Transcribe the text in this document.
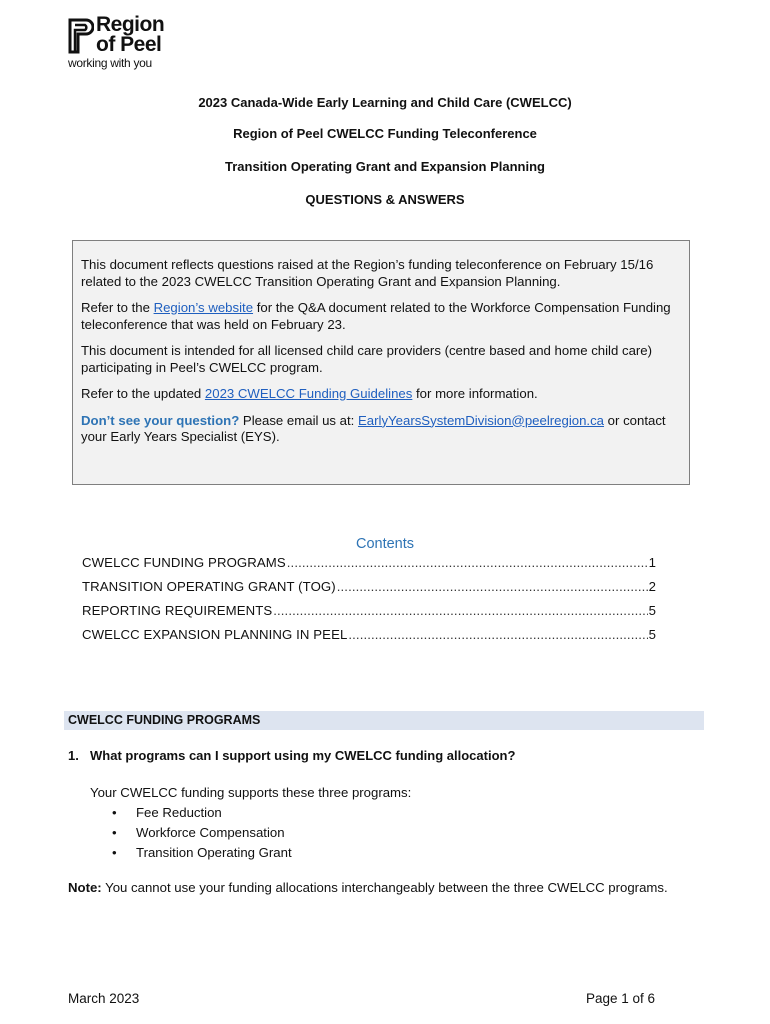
Region
of Peel
working with you
2023 Canada-Wide Early Learning and Child Care (CWELCC)
Region of Peel CWELCC Funding Teleconference
Transition Operating Grant and Expansion Planning
QUESTIONS & ANSWERS

This document reflects questions raised at the Region’s funding teleconference on February 15/16 related to the 2023 CWELCC Transition Operating Grant and Expansion Planning.

Refer to the Region’s website for the Q&A document related to the Workforce Compensation Funding teleconference that was held on February 23.

This document is intended for all licensed child care providers (centre based and home child care) participating in Peel’s CWELCC program.

Refer to the updated 2023 CWELCC Funding Guidelines for more information.

Don’t see your question? Please email us at: EarlyYearsSystemDivision@peelregion.ca or contact your Early Years Specialist (EYS).

Contents
CWELCC FUNDING PROGRAMS .....	1
TRANSITION OPERATING GRANT (TOG) .....	2
REPORTING REQUIREMENTS .....	5
CWELCC EXPANSION PLANNING IN PEEL .....	5
CWELCC FUNDING PROGRAMS
1. What programs can I support using my CWELCC funding allocation?
Your CWELCC funding supports these three programs:
• Fee Reduction
• Workforce Compensation
• Transition Operating Grant
Note: You cannot use your funding allocations interchangeably between the three CWELCC programs.
March 2023	Page 1 of 6
